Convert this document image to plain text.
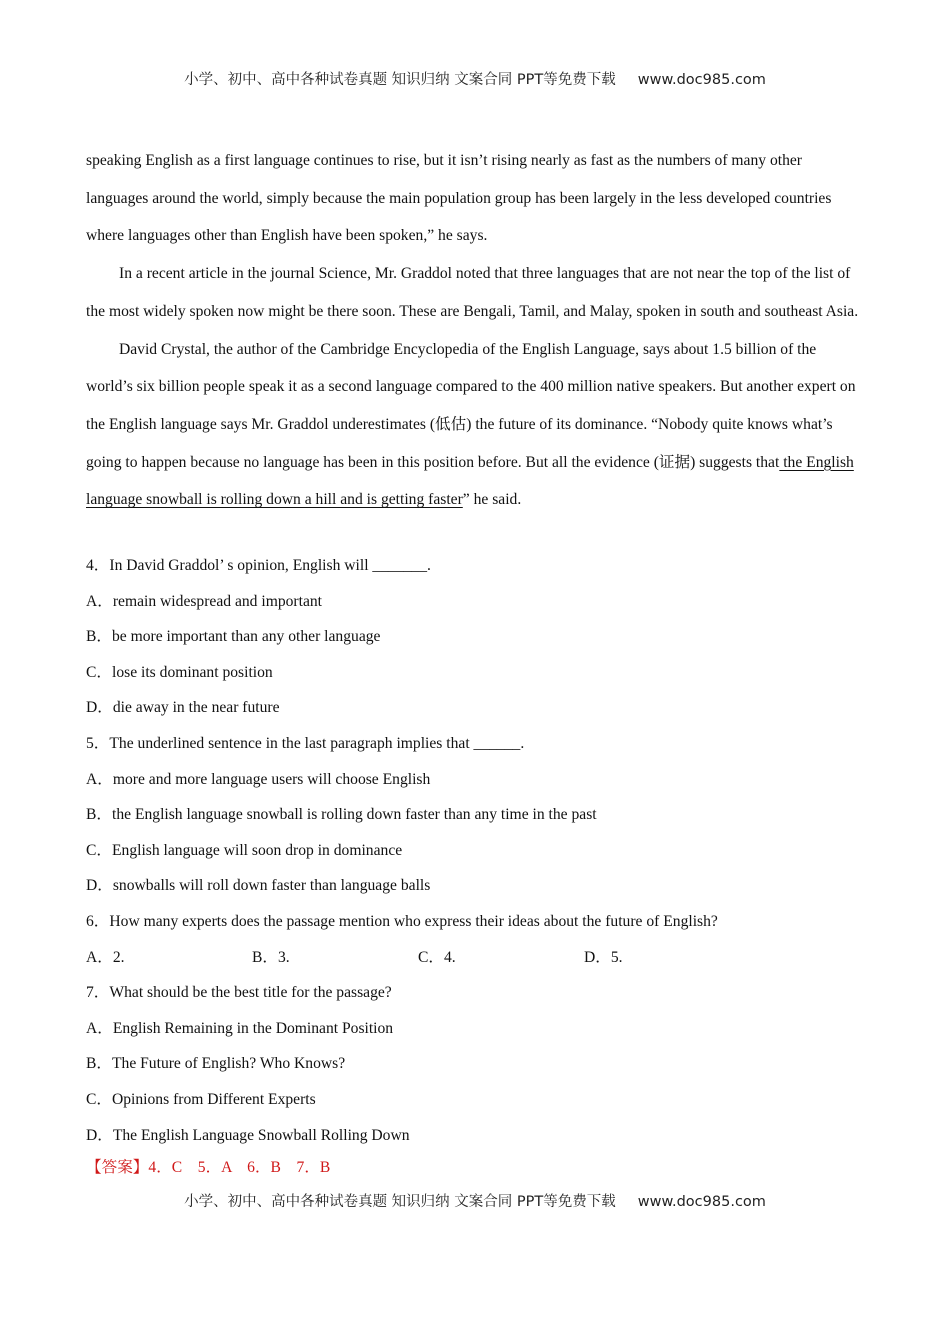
小学、初中、高中各种试卷真题 知识归纳 文案合同 PPT等免费下载 www.doc985.com

speaking English as a first language continues to rise, but it isn’t rising nearly as fast as the numbers of many other languages around the world, simply because the main population group has been largely in the less developed countries where languages other than English have been spoken,” he says.

In a recent article in the journal Science, Mr. Graddol noted that three languages that are not near the top of the list of the most widely spoken now might be there soon. These are Bengali, Tamil, and Malay, spoken in south and southeast Asia.

David Crystal, the author of the Cambridge Encyclopedia of the English Language, says about 1.5 billion of the world’s six billion people speak it as a second language compared to the 400 million native speakers. But another expert on the English language says Mr. Graddol underestimates (低估) the future of its dominance. “Nobody quite knows what’s going to happen because no language has been in this position before. But all the evidence (证据) suggests that the English language snowball is rolling down a hill and is getting faster” he said.

4．In David Graddol’ s opinion, English will _______.
A．remain widespread and important
B．be more important than any other language
C．lose its dominant position
D．die away in the near future
5．The underlined sentence in the last paragraph implies that ______.
A．more and more language users will choose English
B．the English language snowball is rolling down faster than any time in the past
C．English language will soon drop in dominance
D．snowballs will roll down faster than language balls
6．How many experts does the passage mention who express their ideas about the future of English?
A．2.	B．3.	C．4.	D．5.
7．What should be the best title for the passage?
A．English Remaining in the Dominant Position
B．The Future of English? Who Knows?
C．Opinions from Different Experts
D．The English Language Snowball Rolling Down
【答案】4．C    5．A    6．B    7．B
小学、初中、高中各种试卷真题 知识归纳 文案合同 PPT等免费下载 www.doc985.com
